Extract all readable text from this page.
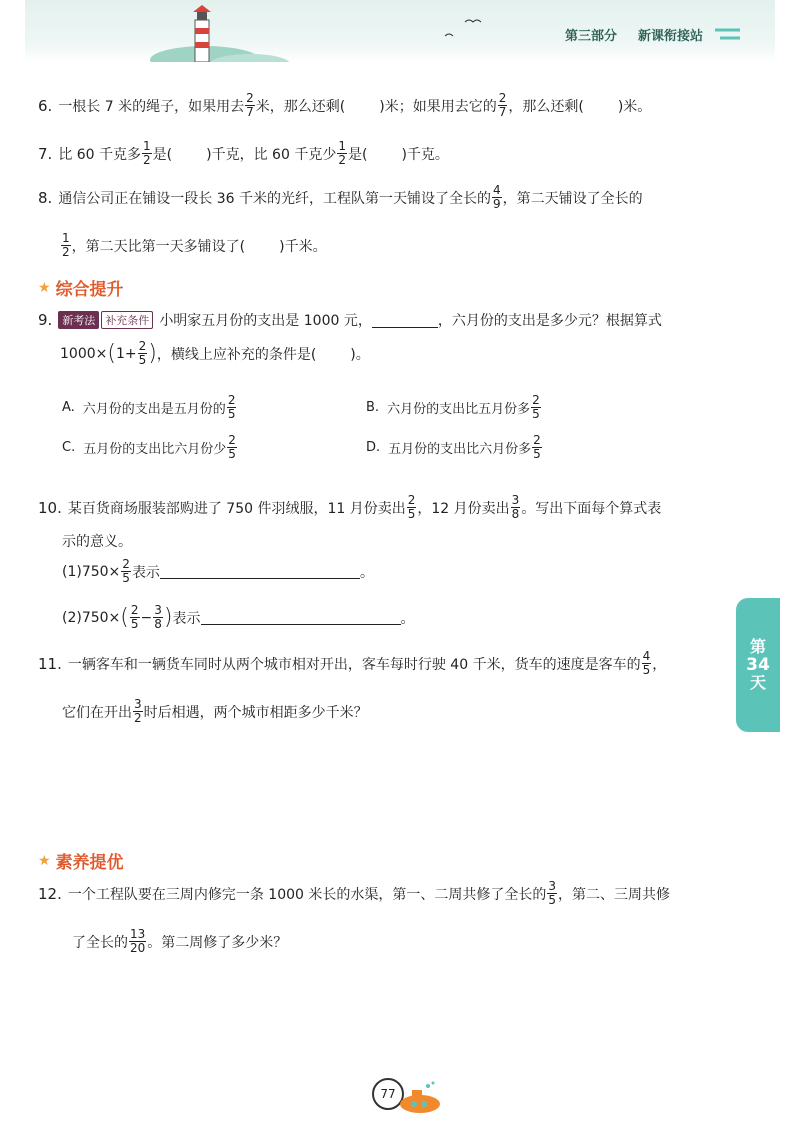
第三部分 新课衔接站
6. 一根长 7 米的绳子，如果用去 $\frac{2}{7}$ 米，那么还剩( )米；如果用去它的 $\frac{2}{7}$ ，那么还剩( )米。
7. 比 60 千克多 $\frac{1}{2}$ 是( )千克，比 60 千克少 $\frac{1}{2}$ 是( )千克。
8. 通信公司正在铺设一段长 36 千米的光纤，工程队第一天铺设了全长的 $\frac{4}{9}$ ，第二天铺设了全长的
$\frac{1}{2}$ ，第二天比第一天多铺设了( )千米。
★ 综合提升
9. 新考法 补充条件 小明家五月份的支出是 1000 元，	，六月份的支出是多少元？根据算式
1000× ( $1+ \frac{2}{5}$ ) ，横线上应补充的条件是( )。
A. 六月份的支出是五月份的 $\frac{2}{5}$	B. 六月份的支出比五月份多 $\frac{2}{5}$
C. 五月份的支出比六月份少 $\frac{2}{5}$	D. 五月份的支出比六月份多 $\frac{2}{5}$
10. 某百货商场服装部购进了 750 件羽绒服，11 月份卖出 $\frac{2}{5}$ ，12 月份卖出 $\frac{3}{8}$ 。写出下面每个算式表
示的意义。
$(1)750\times \frac{2}{5}$ 表示	。
(2)750× ( $\frac{2}{5} - \frac{3}{8}$ ) 表示	。
11. 一辆客车和一辆货车同时从两个城市相对开出，客车每时行驶 40 千米，货车的速度是客车的 $\frac{4}{5}$ ，
它们在开出 $\frac{3}{2}$ 时后相遇，两个城市相距多少千米？
★ 素养提优
12. 一个工程队要在三周内修完一条 1000 米长的水渠，第一、二周共修了全长的 $\frac{3}{5}$ ，第二、三周共修
了全长的 $\frac{13}{20}$ 。第二周修了多少米？
第
34
天
77
